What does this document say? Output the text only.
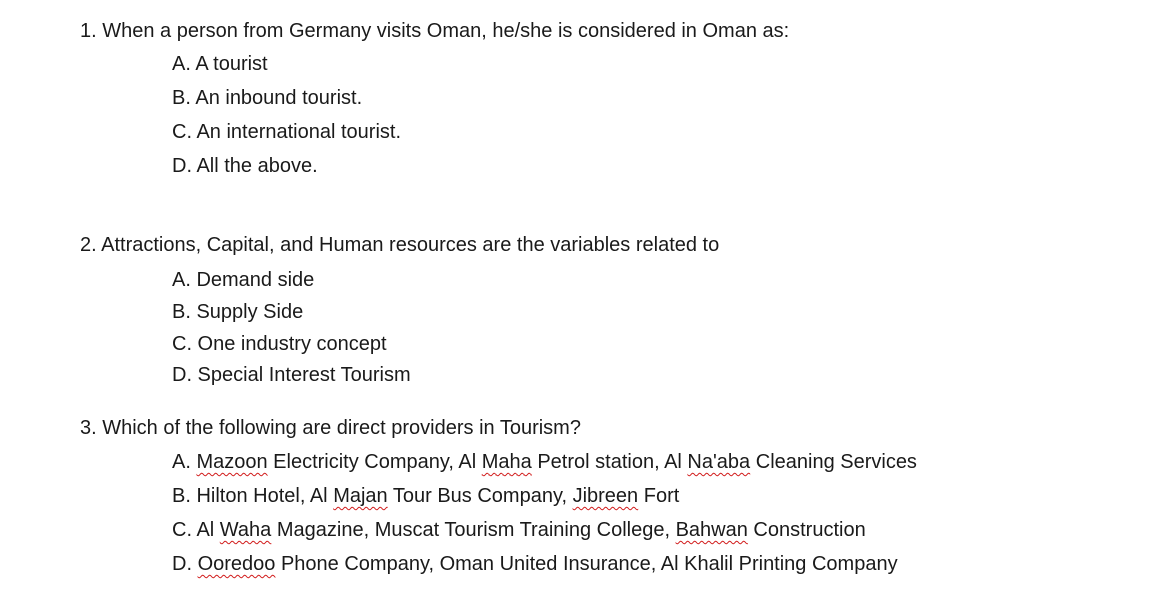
1. When a person from Germany visits Oman, he/she is considered in Oman as:
A. A tourist
B. An inbound tourist.
C. An international tourist.
D. All the above.
2. Attractions, Capital, and Human resources are the variables related to
A. Demand side
B. Supply Side
C. One industry concept
D. Special Interest Tourism
3. Which of the following are direct providers in Tourism?
A. Mazoon Electricity Company, Al Maha Petrol station, Al Na'aba Cleaning Services
B. Hilton Hotel, Al Majan Tour Bus Company, Jibreen Fort
C. Al Waha Magazine, Muscat Tourism Training College, Bahwan Construction
D. Ooredoo Phone Company, Oman United Insurance, Al Khalil Printing Company
